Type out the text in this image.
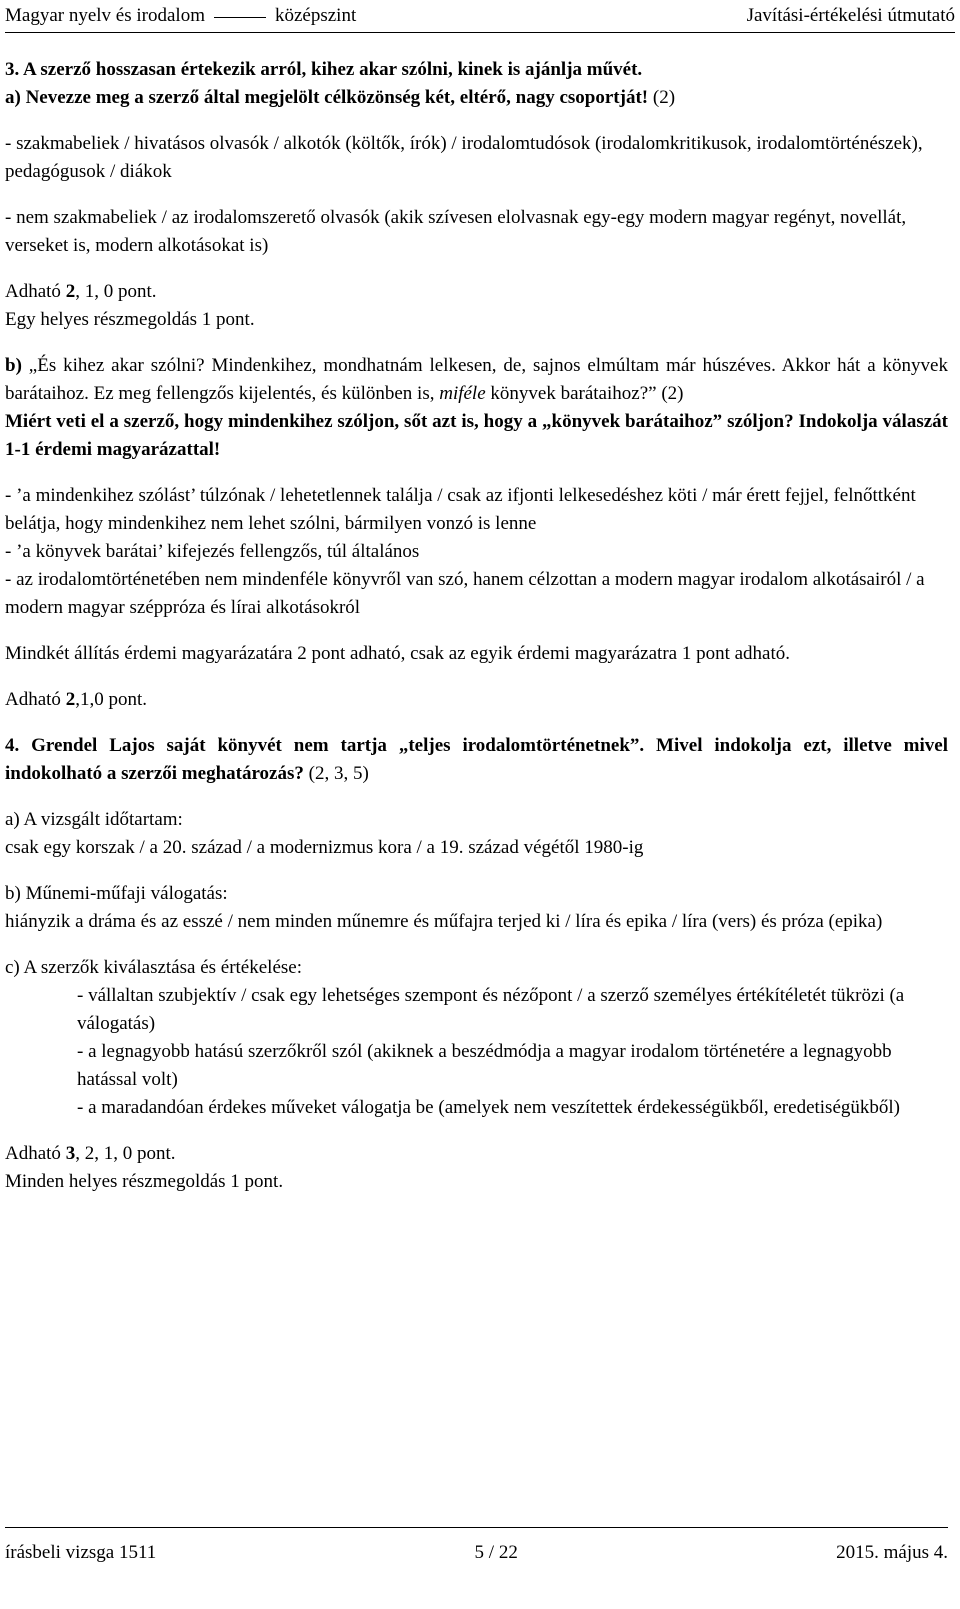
Magyar nyelv és irodalom	középszint	Javítási-értékelési útmutató

3. A szerző hosszasan értekezik arról, kihez akar szólni, kinek is ajánlja művét.

a) Nevezze meg a szerző által megjelölt célközönség két, eltérő, nagy csoportját! (2)

- szakmabeliek / hivatásos olvasók / alkotók (költők, írók) / irodalomtudósok (irodalomkritikusok, irodalomtörténészek), pedagógusok / diákok

- nem szakmabeliek / az irodalomszerető olvasók (akik szívesen elolvasnak egy-egy modern magyar regényt, novellát, verseket is, modern alkotásokat is)

Adható 2, 1, 0 pont.

Egy helyes részmegoldás 1 pont.

b) „És kihez akar szólni? Mindenkihez, mondhatnám lelkesen, de, sajnos elmúltam már húszéves. Akkor hát a könyvek barátaihoz. Ez meg fellengzős kijelentés, és különben is, miféle könyvek barátaihoz?” (2)

Miért veti el a szerző, hogy mindenkihez szóljon, sőt azt is, hogy a „könyvek barátaihoz” szóljon? Indokolja válaszát 1-1 érdemi magyarázattal!

- ’a mindenkihez szólást’ túlzónak / lehetetlennek találja / csak az ifjonti lelkesedéshez köti / már érett fejjel, felnőttként belátja, hogy mindenkihez nem lehet szólni, bármilyen vonzó is lenne

- ’a könyvek barátai’ kifejezés fellengzős, túl általános

- az irodalomtörténetében nem mindenféle könyvről van szó, hanem célzottan a modern magyar irodalom alkotásairól / a modern magyar széppróza és lírai alkotásokról

Mindkét állítás érdemi magyarázatára 2 pont adható, csak az egyik érdemi magyarázatra 1 pont adható.

Adható 2,1,0 pont.

4. Grendel Lajos saját könyvét nem tartja „teljes irodalomtörténetnek”. Mivel indokolja ezt, illetve mivel indokolható a szerzői meghatározás? (2, 3, 5)

a) A vizsgált időtartam:

csak egy korszak / a 20. század / a modernizmus kora / a 19. század végétől 1980-ig

b) Műnemi-műfaji válogatás:

hiányzik a dráma és az esszé / nem minden műnemre és műfajra terjed ki / líra és epika / líra (vers) és próza (epika)

c) A szerzők kiválasztása és értékelése:

- vállaltan szubjektív / csak egy lehetséges szempont és nézőpont / a szerző személyes értékítéletét tükrözi (a válogatás)

- a legnagyobb hatású szerzőkről szól (akiknek a beszédmódja a magyar irodalom történetére a legnagyobb hatással volt)

- a maradandóan érdekes műveket válogatja be (amelyek nem veszítettek érdekességükből, eredetiségükből)

Adható 3, 2, 1, 0 pont.

Minden helyes részmegoldás 1 pont.

írásbeli vizsga 1511	5 / 22	2015. május 4.
